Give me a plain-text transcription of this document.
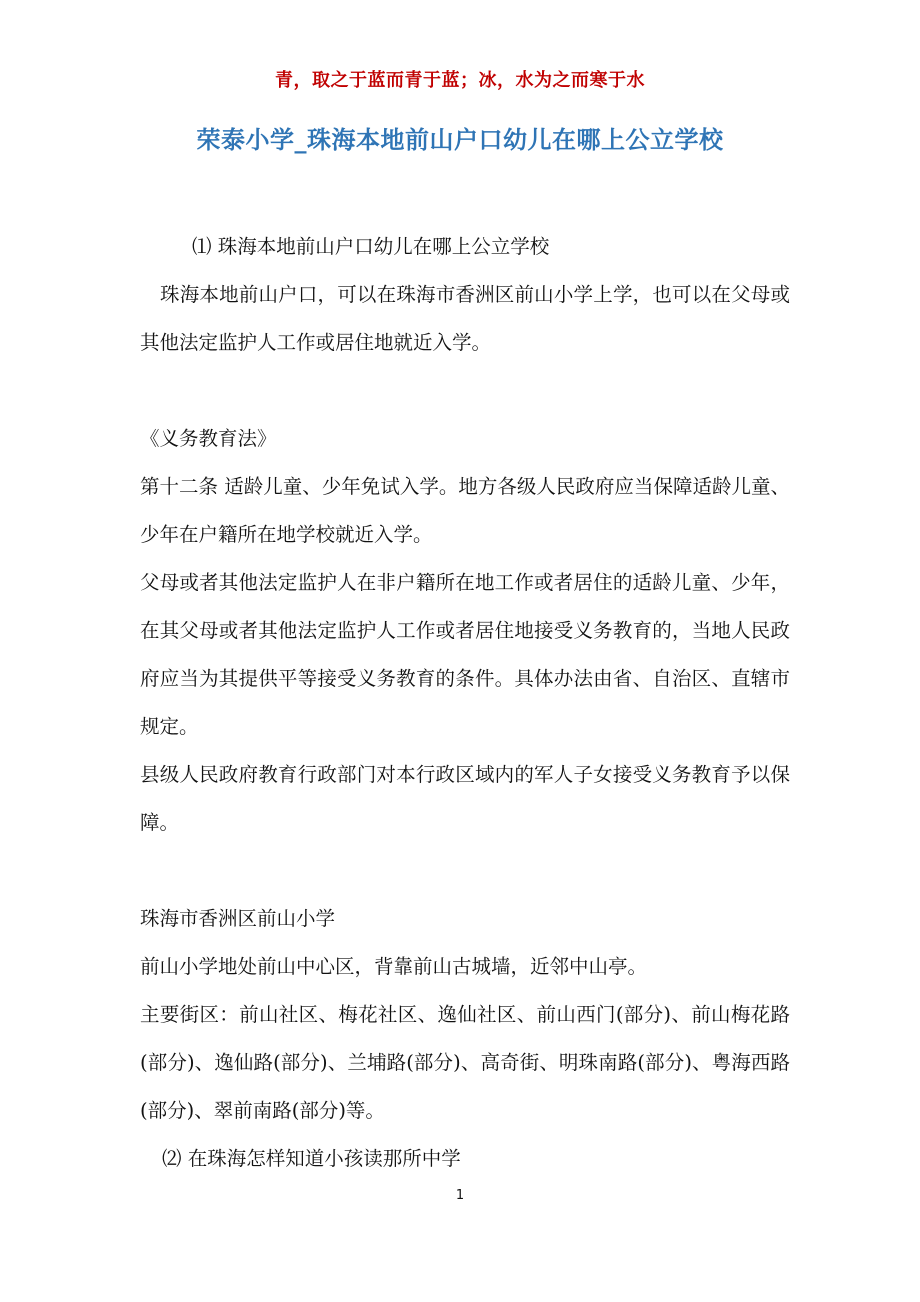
青，取之于蓝而青于蓝；冰，水为之而寒于水
荣泰小学_珠海本地前山户口幼儿在哪上公立学校

⑴ 珠海本地前山户口幼儿在哪上公立学校

珠海本地前山户口，可以在珠海市香洲区前山小学上学，也可以在父母或其他法定监护人工作或居住地就近入学。

《义务教育法》

第十二条 适龄儿童、少年免试入学。地方各级人民政府应当保障适龄儿童、少年在户籍所在地学校就近入学。

父母或者其他法定监护人在非户籍所在地工作或者居住的适龄儿童、少年，在其父母或者其他法定监护人工作或者居住地接受义务教育的，当地人民政府应当为其提供平等接受义务教育的条件。具体办法由省、自治区、直辖市规定。

县级人民政府教育行政部门对本行政区域内的军人子女接受义务教育予以保障。

珠海市香洲区前山小学

前山小学地处前山中心区，背靠前山古城墙，近邻中山亭。

主要街区：前山社区、梅花社区、逸仙社区、前山西门(部分)、前山梅花路(部分)、逸仙路(部分)、兰埔路(部分)、高奇街、明珠南路(部分)、粤海西路(部分)、翠前南路(部分)等。

⑵ 在珠海怎样知道小孩读那所中学

1
